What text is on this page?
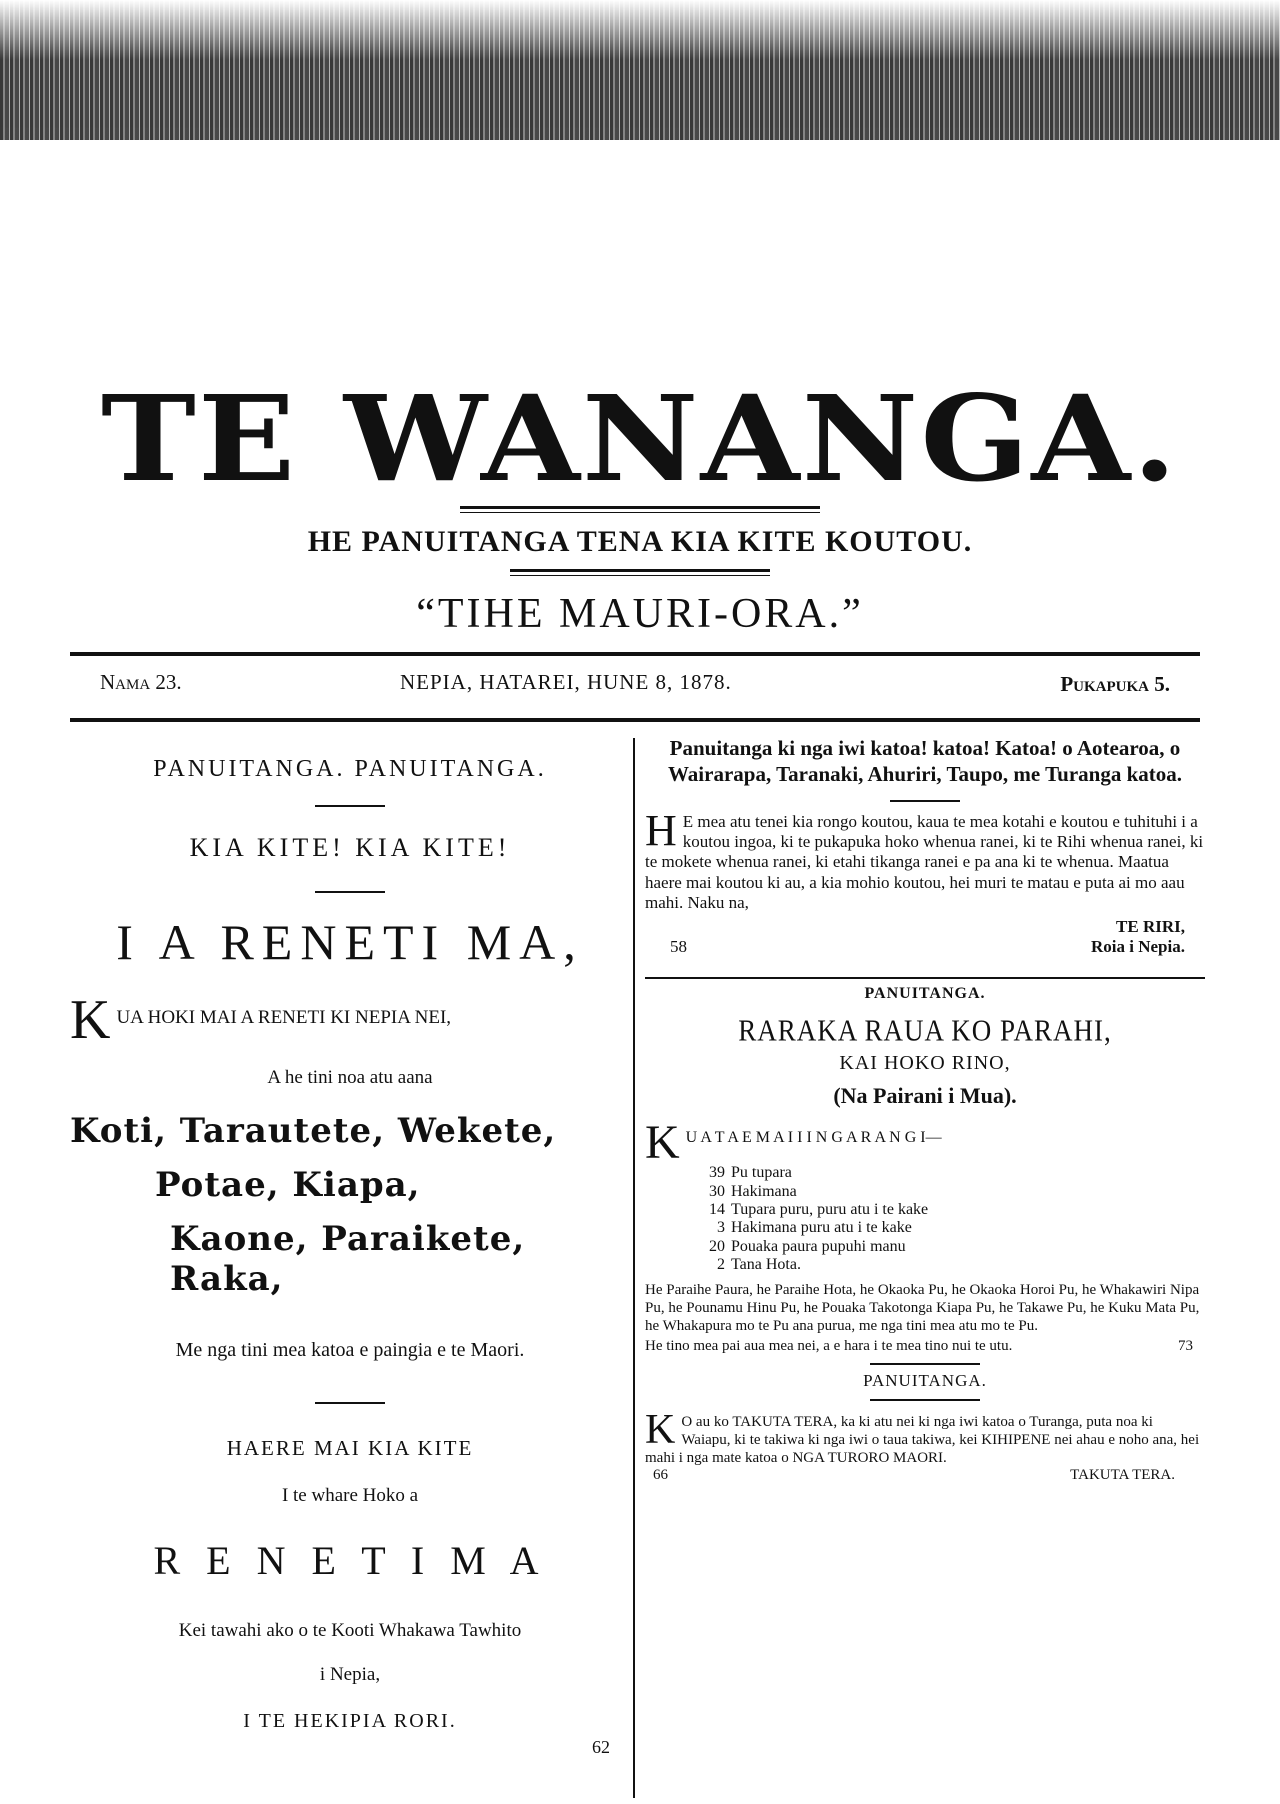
TE WANANGA.
HE PANUITANGA TENA KIA KITE KOUTOU.
“TIHE MAURI-ORA.”
Nama 23.	NEPIA, HATAREI, HUNE 8, 1878.	Pukapuka 5.
PANUITANGA. PANUITANGA.
KIA KITE! KIA KITE!
I A RENETI MA,
K UA HOKI MAI A RENETI KI NEPIA NEI,
A he tini noa atu aana
Koti, Tarautete, Wekete,
Potae, Kiapa,
Kaone, Paraikete, Raka,
Me nga tini mea katoa e paingia e te Maori.
HAERE MAI KIA KITE
I te whare Hoko a
R E N E T I M A
Kei tawahi ako o te Kooti Whakawa Tawhito
i Nepia,
I TE HEKIPIA RORI.
62
Panuitanga ki nga iwi katoa! katoa! Katoa! o Aotearoa, o Wairarapa, Taranaki, Ahuriri, Taupo, me Turanga katoa.
H E mea atu tenei kia rongo koutou, kaua te mea kotahi e koutou e tuhituhi i a koutou ingoa, ki te pukapuka hoko whenua ranei, ki te Rihi whenua ranei, ki te mokete whenua ranei, ki etahi tikanga ranei e pa ana ki te whenua. Maatua haere mai koutou ki au, a kia mohio koutou, hei muri te matau e puta ai mo aau mahi. Naku na,
TE RIRI,
58	Roia i Nepia.
PANUITANGA.
RARAKA RAUA KO PARAHI,
KAI HOKO RINO,
(Na Pairani i Mua).
K U A T A E M A I I I N G A R A N G I—
39 Pu tupara
30 Hakimana
14 Tupara puru, puru atu i te kake
3 Hakimana puru atu i te kake
20 Pouaka paura pupuhi manu
2 Tana Hota.
He Paraihe Paura, he Paraihe Hota, he Okaoka Pu, he Okaoka Horoi Pu, he Whakawiri Nipa Pu, he Pounamu Hinu Pu, he Pouaka Takotonga Kiapa Pu, he Takawe Pu, he Kuku Mata Pu, he Whakapura mo te Pu ana purua, me nga tini mea atu mo te Pu.
He tino mea pai aua mea nei, a e hara i te mea tino nui te utu.	73
PANUITANGA.
K O au ko TAKUTA TERA, ka ki atu nei ki nga iwi katoa o Turanga, puta noa ki Waiapu, ki te takiwa ki nga iwi o taua takiwa, kei KIHIPENE nei ahau e noho ana, hei mahi i nga mate katoa o NGA TURORO MAORI.
66	TAKUTA TERA.
